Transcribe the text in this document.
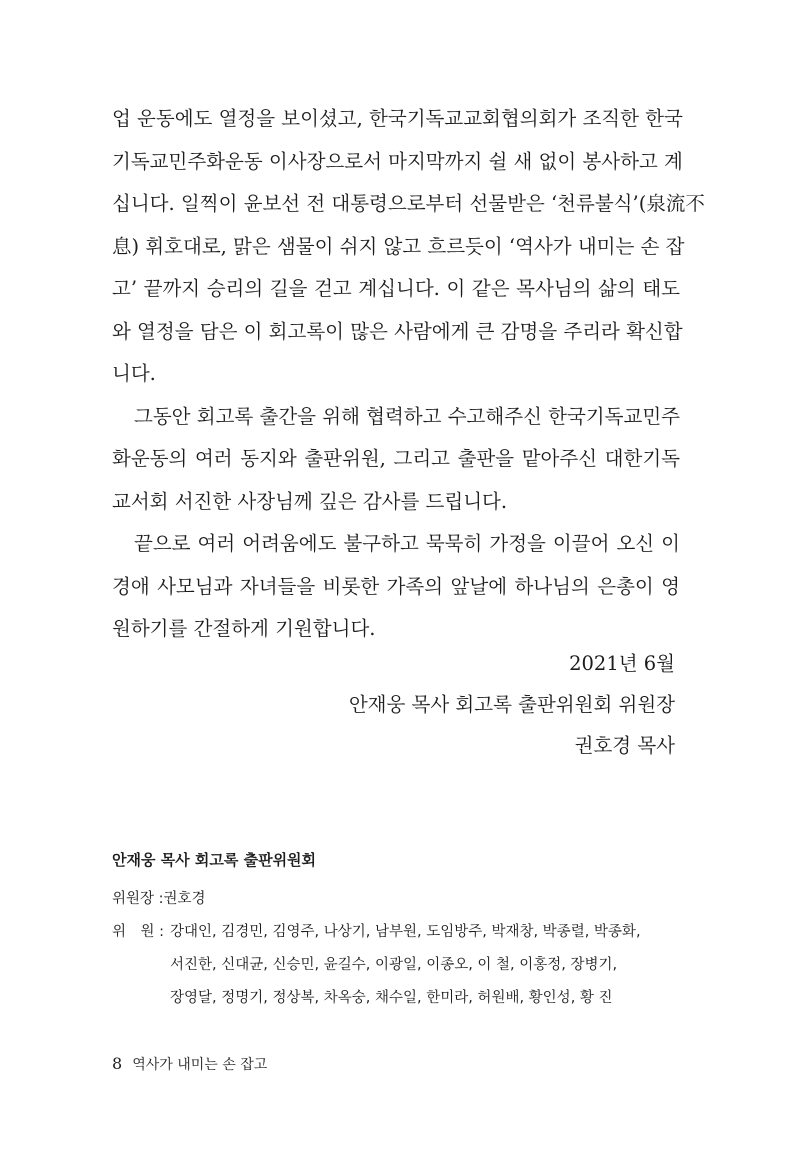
업 운동에도 열정을 보이셨고, 한국기독교교회협의회가 조직한 한국
기독교민주화운동 이사장으로서 마지막까지 쉴 새 없이 봉사하고 계
십니다. 일찍이 윤보선 전 대통령으로부터 선물받은 ‘천류불식’(泉流不
息) 휘호대로, 맑은 샘물이 쉬지 않고 흐르듯이 ‘역사가 내미는 손 잡
고’ 끝까지 승리의 길을 걷고 계십니다. 이 같은 목사님의 삶의 태도
와 열정을 담은 이 회고록이 많은 사람에게 큰 감명을 주리라 확신합
니다.
그동안 회고록 출간을 위해 협력하고 수고해주신 한국기독교민주
화운동의 여러 동지와 출판위원, 그리고 출판을 맡아주신 대한기독
교서회 서진한 사장님께 깊은 감사를 드립니다.
끝으로 여러 어려움에도 불구하고 묵묵히 가정을 이끌어 오신 이
경애 사모님과 자녀들을 비롯한 가족의 앞날에 하나님의 은총이 영
원하기를 간절하게 기원합니다.
2021년 6월
안재웅 목사 회고록 출판위원회 위원장
권호경 목사
안재웅 목사 회고록 출판위원회
위원장 :권호경
위　원 :강대인, 김경민, 김영주, 나상기, 남부원, 도임방주, 박재창, 박종렬, 박종화,
서진한, 신대균, 신승민, 윤길수, 이광일, 이종오, 이 철, 이홍정, 장병기,
장영달, 정명기, 정상복, 차옥숭, 채수일, 한미라, 허원배, 황인성, 황 진
8 역사가 내미는 손 잡고
